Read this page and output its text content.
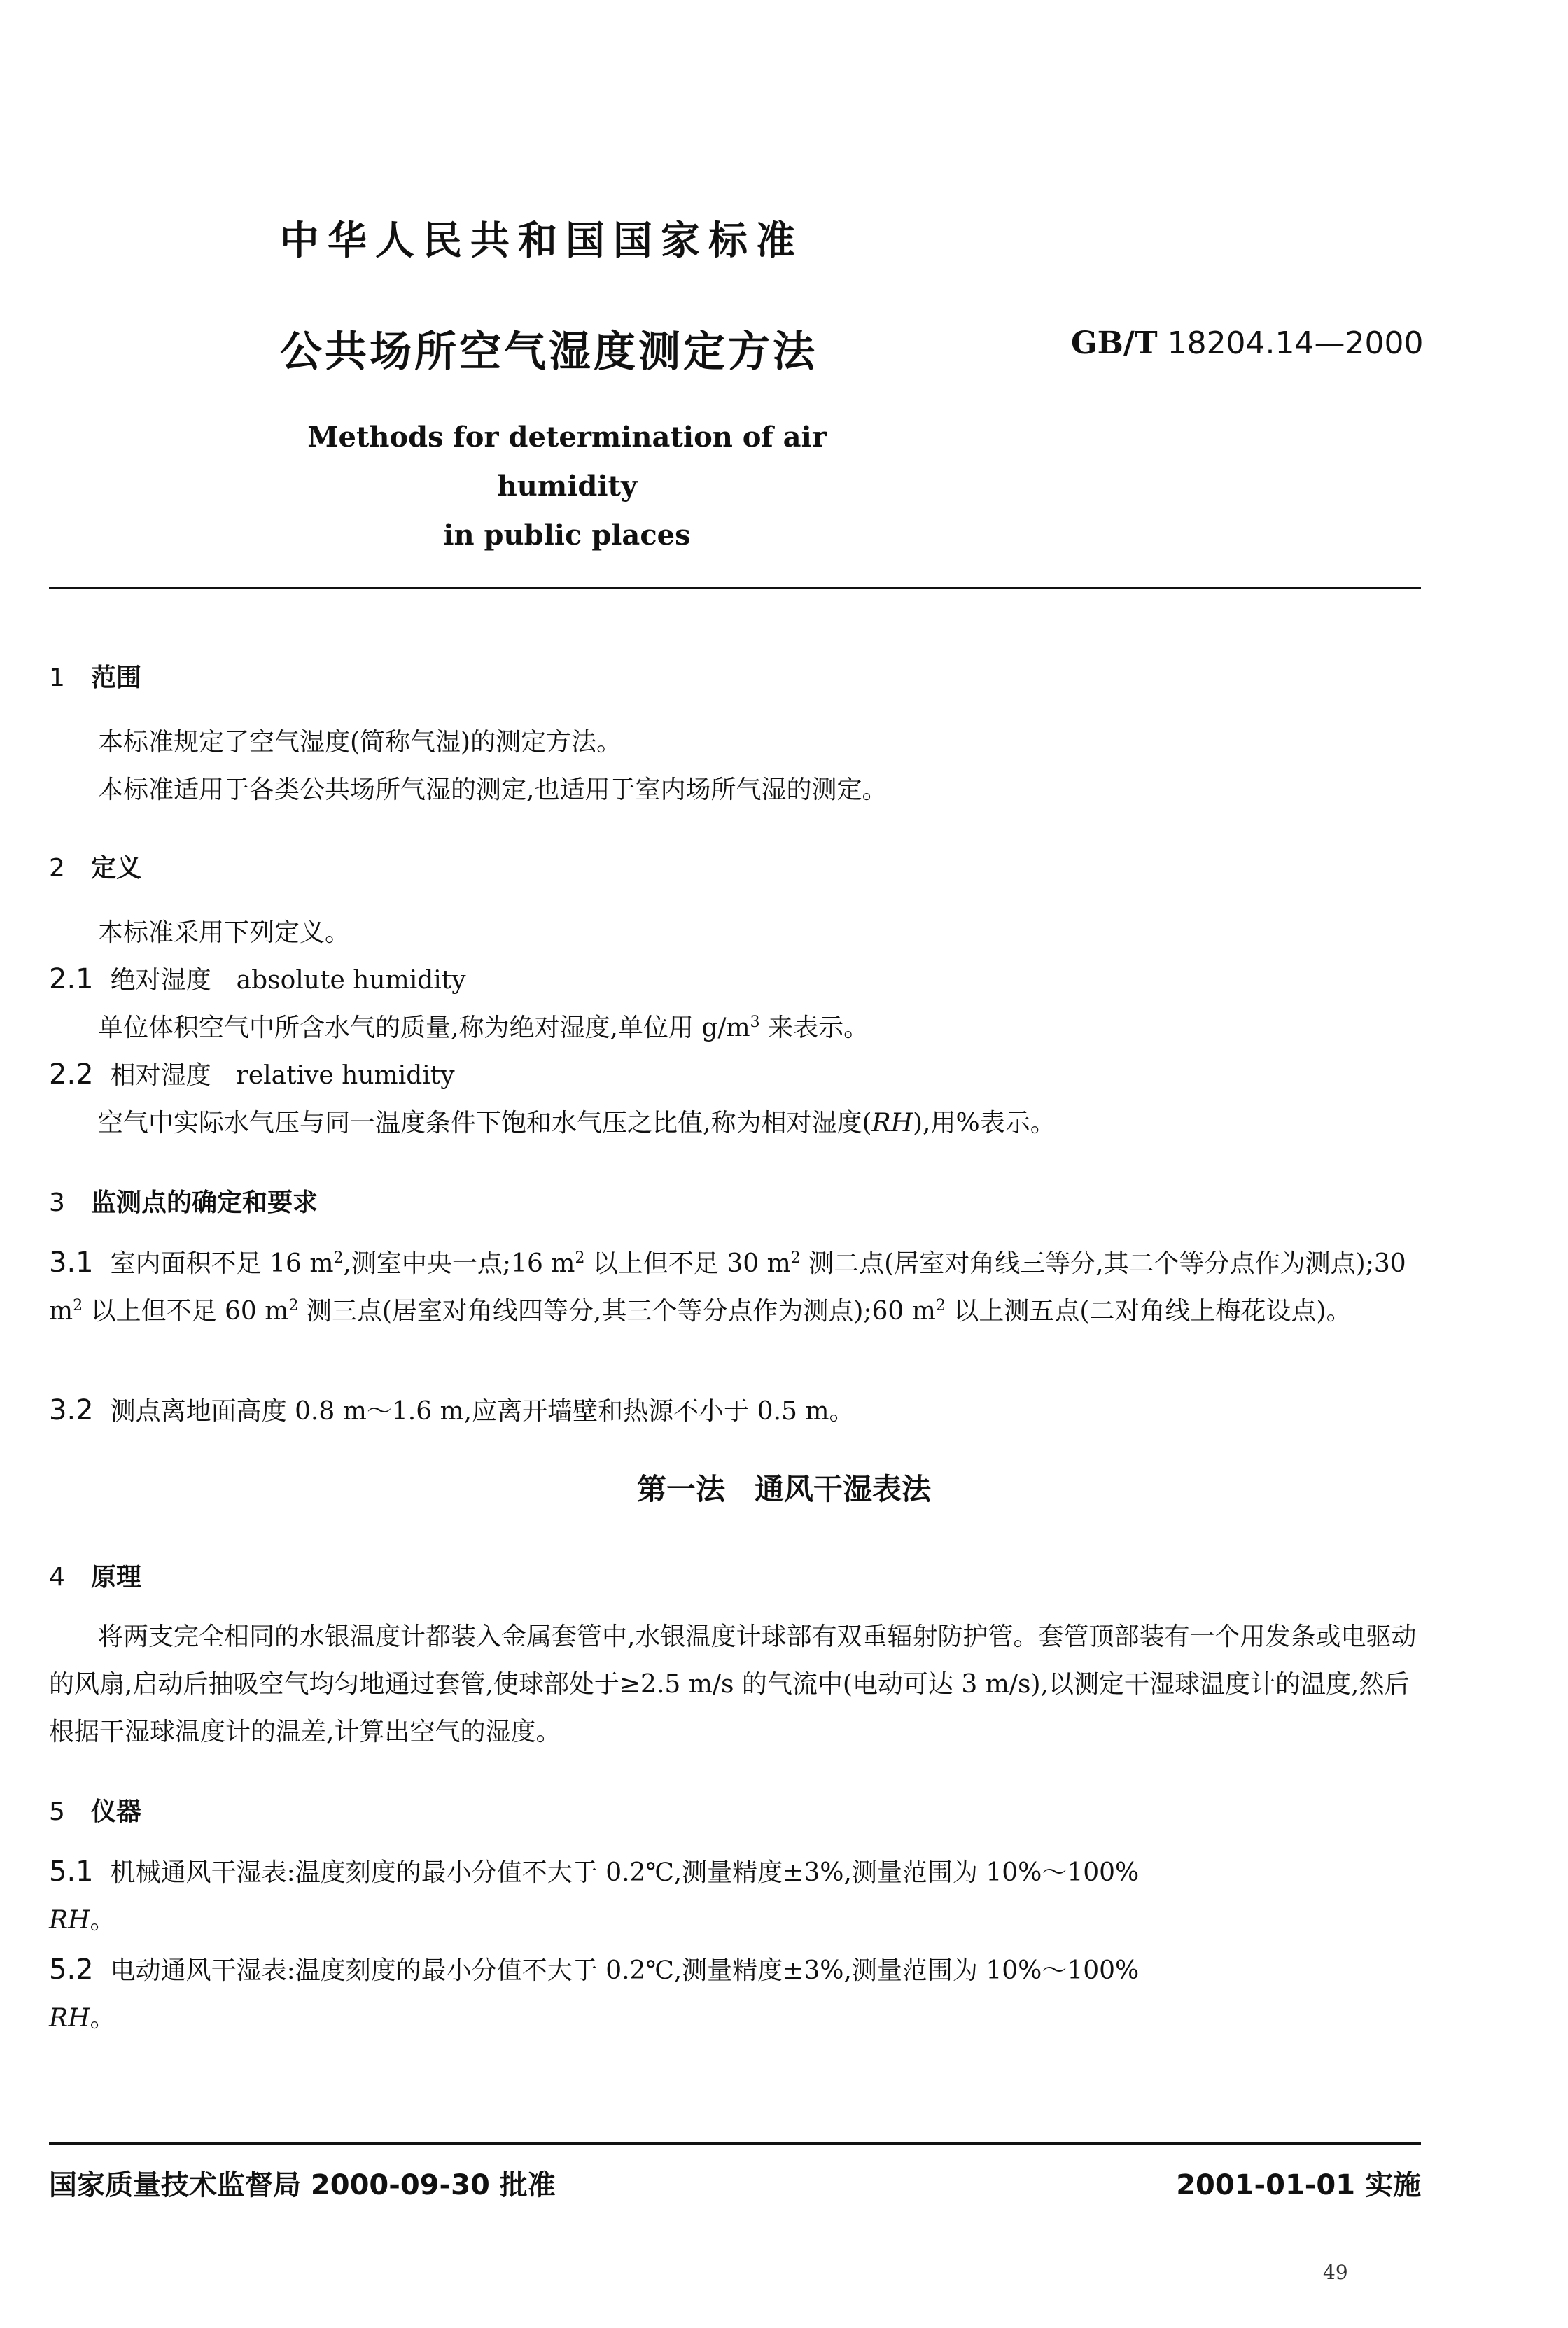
中华人民共和国国家标准
公共场所空气湿度测定方法	GB/T 18204.14—2000
Methods for determination of air humidity
in public places
1 范围
本标准规定了空气湿度(简称气湿)的测定方法。
本标准适用于各类公共场所气湿的测定,也适用于室内场所气湿的测定。
2 定义
本标准采用下列定义。
2.1 绝对湿度　absolute humidity
单位体积空气中所含水气的质量,称为绝对湿度,单位用 $g/m^3$ 来表示。
2.2 相对湿度　relative humidity
空气中实际水气压与同一温度条件下饱和水气压之比值,称为相对湿度(RH),用%表示。
3 监测点的确定和要求
3.1 室内面积不足 16 $m^2$,测室中央一点;16 $m^2$ 以上但不足 30 $m^2$ 测二点(居室对角线三等分,其二个等分点作为测点);30 $m^2$ 以上但不足 60 $m^2$ 测三点(居室对角线四等分,其三个等分点作为测点);60 $m^2$ 以上测五点(二对角线上梅花设点)。
3.2 测点离地面高度 0.8 m～1.6 m,应离开墙壁和热源不小于 0.5 m。
第一法　通风干湿表法
4 原理
将两支完全相同的水银温度计都装入金属套管中,水银温度计球部有双重辐射防护管。套管顶部装有一个用发条或电驱动的风扇,启动后抽吸空气均匀地通过套管,使球部处于≥2.5 m/s 的气流中(电动可达 3 m/s),以测定干湿球温度计的温度,然后根据干湿球温度计的温差,计算出空气的湿度。
5 仪器
5.1 机械通风干湿表:温度刻度的最小分值不大于 0.2℃,测量精度±3%,测量范围为 10%～100%
RH。
5.2 电动通风干湿表:温度刻度的最小分值不大于 0.2℃,测量精度±3%,测量范围为 10%～100%
RH。
国家质量技术监督局 2000-09-30 批准	2001-01-01 实施
49
